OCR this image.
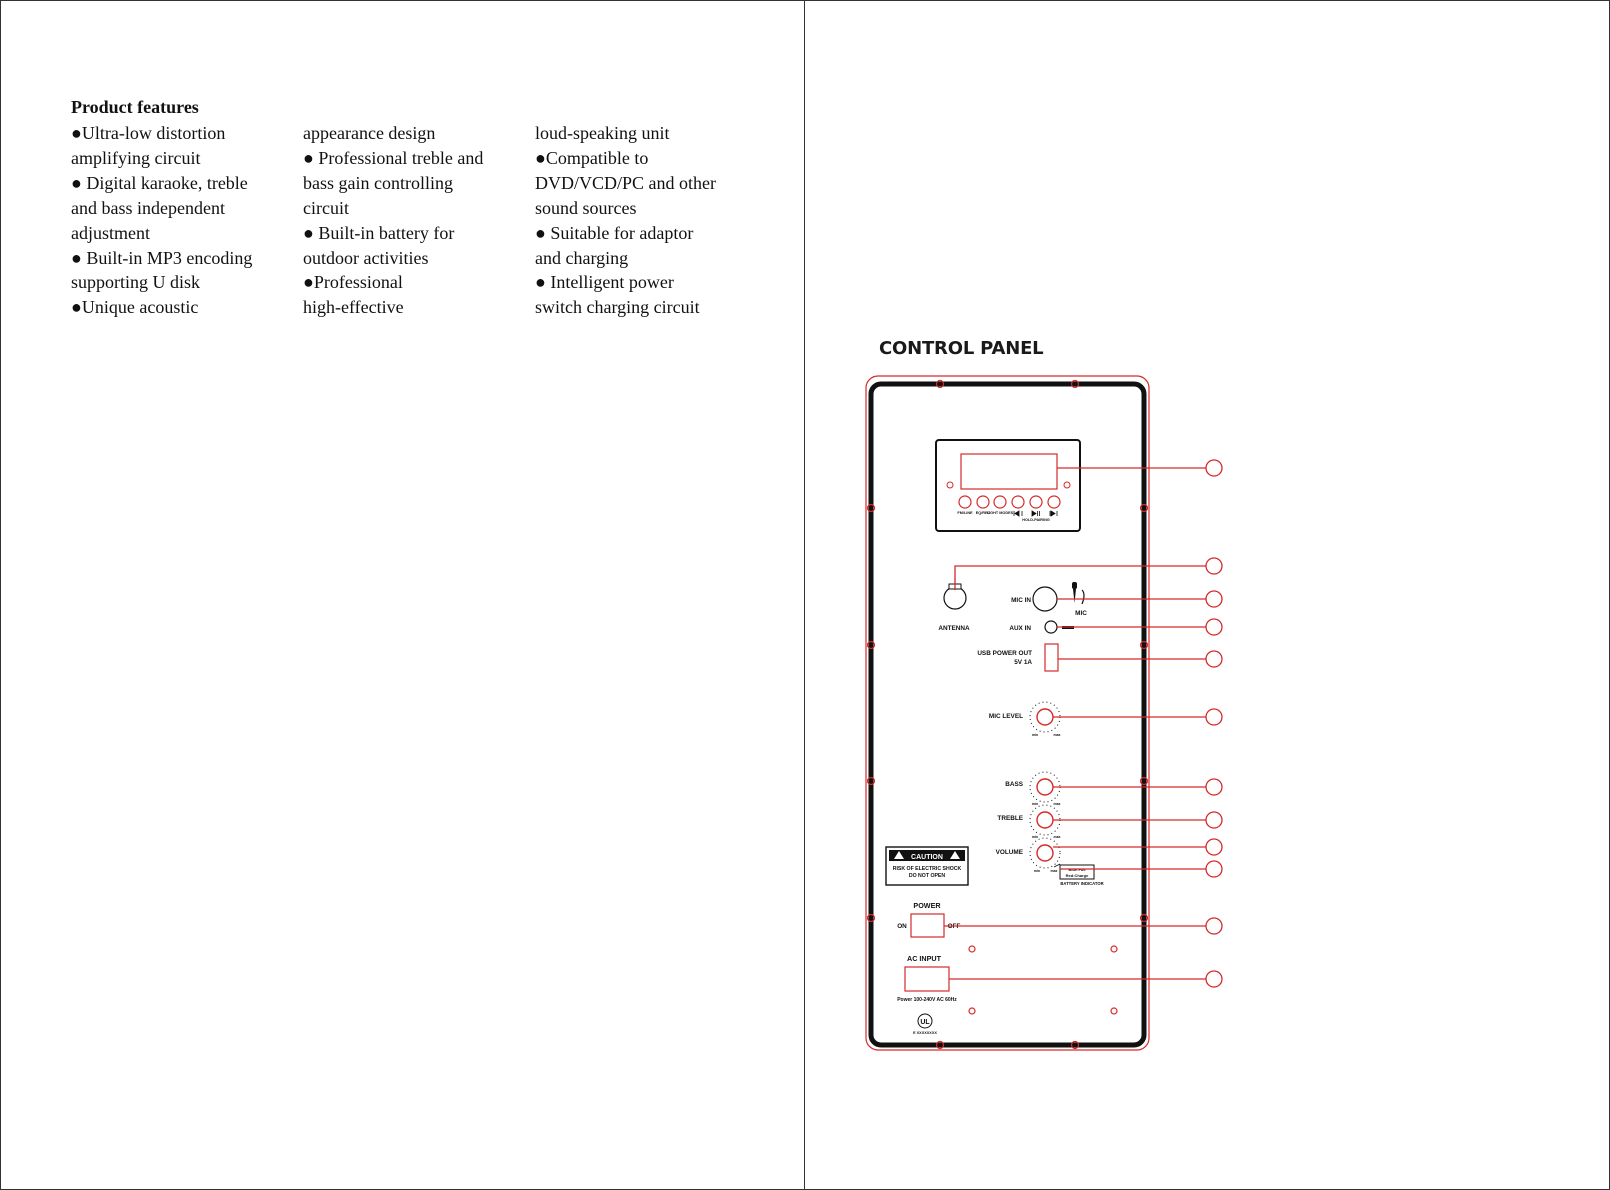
Product features
●Ultra-low distortion
amplifying circuit
● Digital karaoke, treble
and bass independent
adjustment
● Built-in MP3 encoding
supporting U disk
●Unique acoustic
appearance design
● Professional treble and
bass gain controlling
circuit
● Built-in battery for
outdoor activities
●Professional
high-effective
loud-speaking unit
●Compatible to
DVD/VCD/PC and other
sound sources
● Suitable for adaptor
and charging
● Intelligent power
switch charging circuit
CONTROL PANEL
FM/LINE EQ/REC
LIGHT MODES
HOLD-PAIRING
ANTENNA
MIC IN
MIC
AUX IN
USB POWER OUT
5V 1A
MIC LEVEL
min	max
BASS
min	max
TREBLE
min	max
VOLUME
min	max	Blue:Full
Red:Charge
BATTERY INDICATOR
CAUTION
RISK OF ELECTRIC SHOCK
DO NOT OPEN
POWER
ON	OFF
AC INPUT
Power 100-240V AC 60Hz
UL
E XXXXXXXX
